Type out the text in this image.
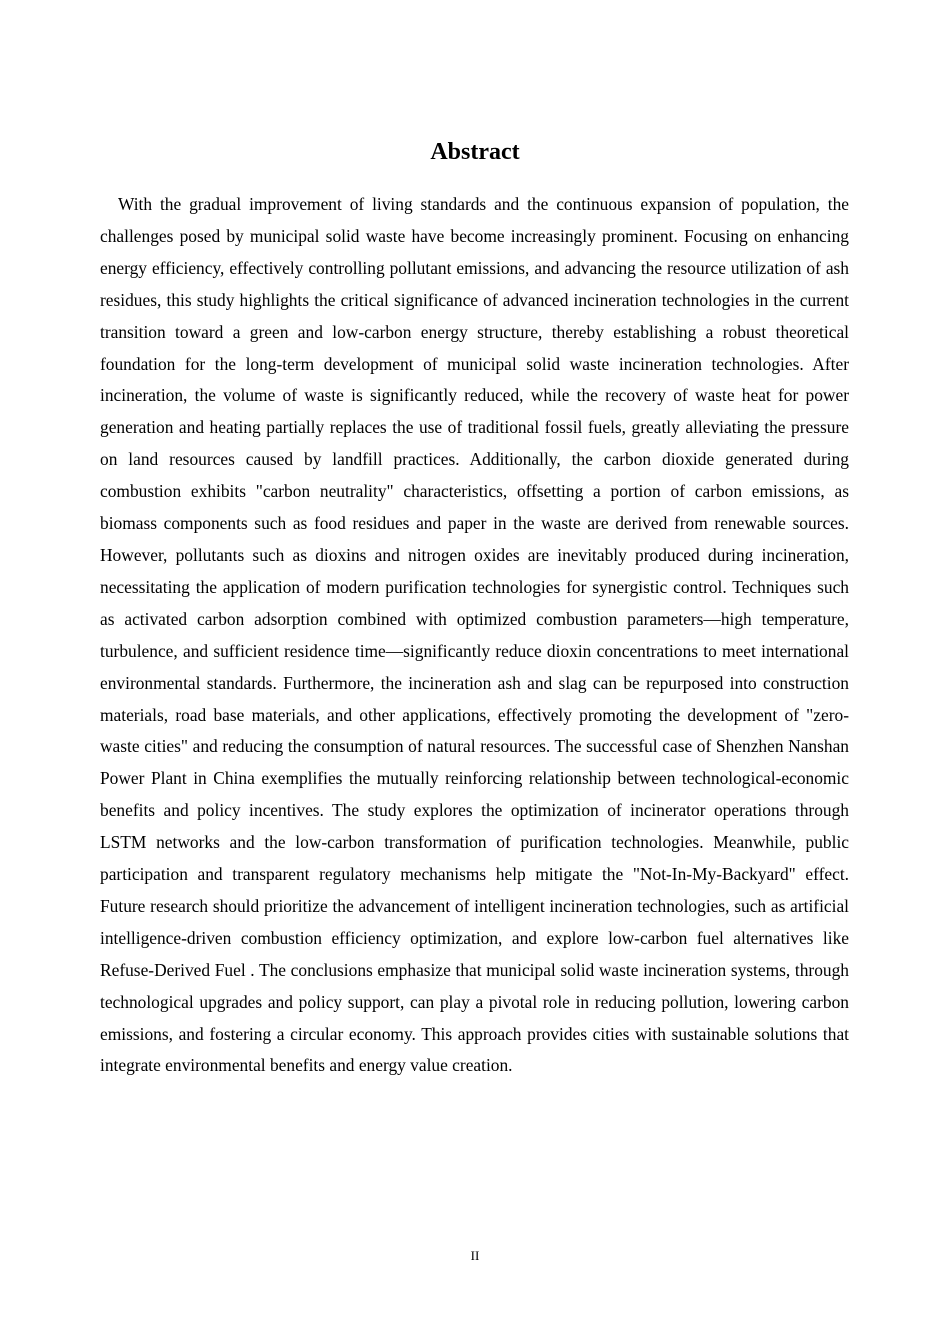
Abstract

With the gradual improvement of living standards and the continuous expansion of population, the challenges posed by municipal solid waste have become increasingly prominent. Focusing on enhancing energy efficiency, effectively controlling pollutant emissions, and advancing the resource utilization of ash residues, this study highlights the critical significance of advanced incineration technologies in the current transition toward a green and low-carbon energy structure, thereby establishing a robust theoretical foundation for the long-term development of municipal solid waste incineration technologies. After incineration, the volume of waste is significantly reduced, while the recovery of waste heat for power generation and heating partially replaces the use of traditional fossil fuels, greatly alleviating the pressure on land resources caused by landfill practices. Additionally, the carbon dioxide generated during combustion exhibits "carbon neutrality" characteristics, offsetting a portion of carbon emissions, as biomass components such as food residues and paper in the waste are derived from renewable sources. However, pollutants such as dioxins and nitrogen oxides are inevitably produced during incineration, necessitating the application of modern purification technologies for synergistic control. Techniques such as activated carbon adsorption combined with optimized combustion parameters—high temperature, turbulence, and sufficient residence time—significantly reduce dioxin concentrations to meet international environmental standards. Furthermore, the incineration ash and slag can be repurposed into construction materials, road base materials, and other applications, effectively promoting the development of "zero-waste cities" and reducing the consumption of natural resources. The successful case of Shenzhen Nanshan Power Plant in China exemplifies the mutually reinforcing relationship between technological-economic benefits and policy incentives. The study explores the optimization of incinerator operations through LSTM networks and the low-carbon transformation of purification technologies. Meanwhile, public participation and transparent regulatory mechanisms help mitigate the "Not-In-My-Backyard" effect. Future research should prioritize the advancement of intelligent incineration technologies, such as artificial intelligence-driven combustion efficiency optimization, and explore low-carbon fuel alternatives like Refuse-Derived Fuel . The conclusions emphasize that municipal solid waste incineration systems, through technological upgrades and policy support, can play a pivotal role in reducing pollution, lowering carbon emissions, and fostering a circular economy. This approach provides cities with sustainable solutions that integrate environmental benefits and energy value creation.

II
